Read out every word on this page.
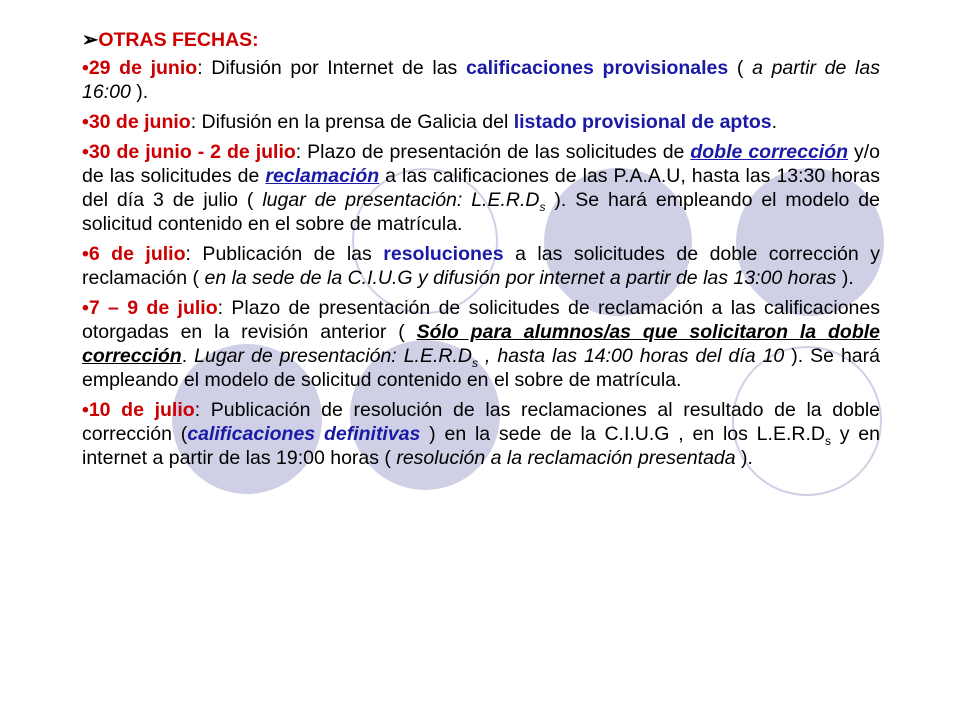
➢OTRAS FECHAS:

•29 de junio: Difusión por Internet de las calificaciones provisionales ( a partir de las 16:00 ).

•30 de junio: Difusión en la prensa de Galicia del listado provisional de aptos.

•30 de junio - 2 de julio: Plazo de presentación de las solicitudes de doble corrección y/o de las solicitudes de reclamación a las calificaciones de las P.A.A.U, hasta las 13:30 horas del día 3 de julio ( lugar de presentación: $L.E.R.D_s$ ). Se hará empleando el modelo de solicitud contenido en el sobre de matrícula.

•6 de julio: Publicación de las resoluciones a las solicitudes de doble corrección y reclamación ( en la sede de la C.I.U.G y difusión por internet a partir de las 13:00 horas ).

•7 – 9 de julio: Plazo de presentación de solicitudes de reclamación a las calificaciones otorgadas en la revisión anterior ( Sólo para alumnos/as que solicitaron la doble corrección. Lugar de presentación: $L.E.R.D_s$ , hasta las 14:00 horas del día 10 ). Se hará empleando el modelo de solicitud contenido en el sobre de matrícula.

•10 de julio: Publicación de resolución de las reclamaciones al resultado de la doble corrección (calificaciones definitivas ) en la sede de la C.I.U.G , en los $L.E.R.D_s$ y en internet a partir de las 19:00 horas ( resolución a la reclamación presentada ).
